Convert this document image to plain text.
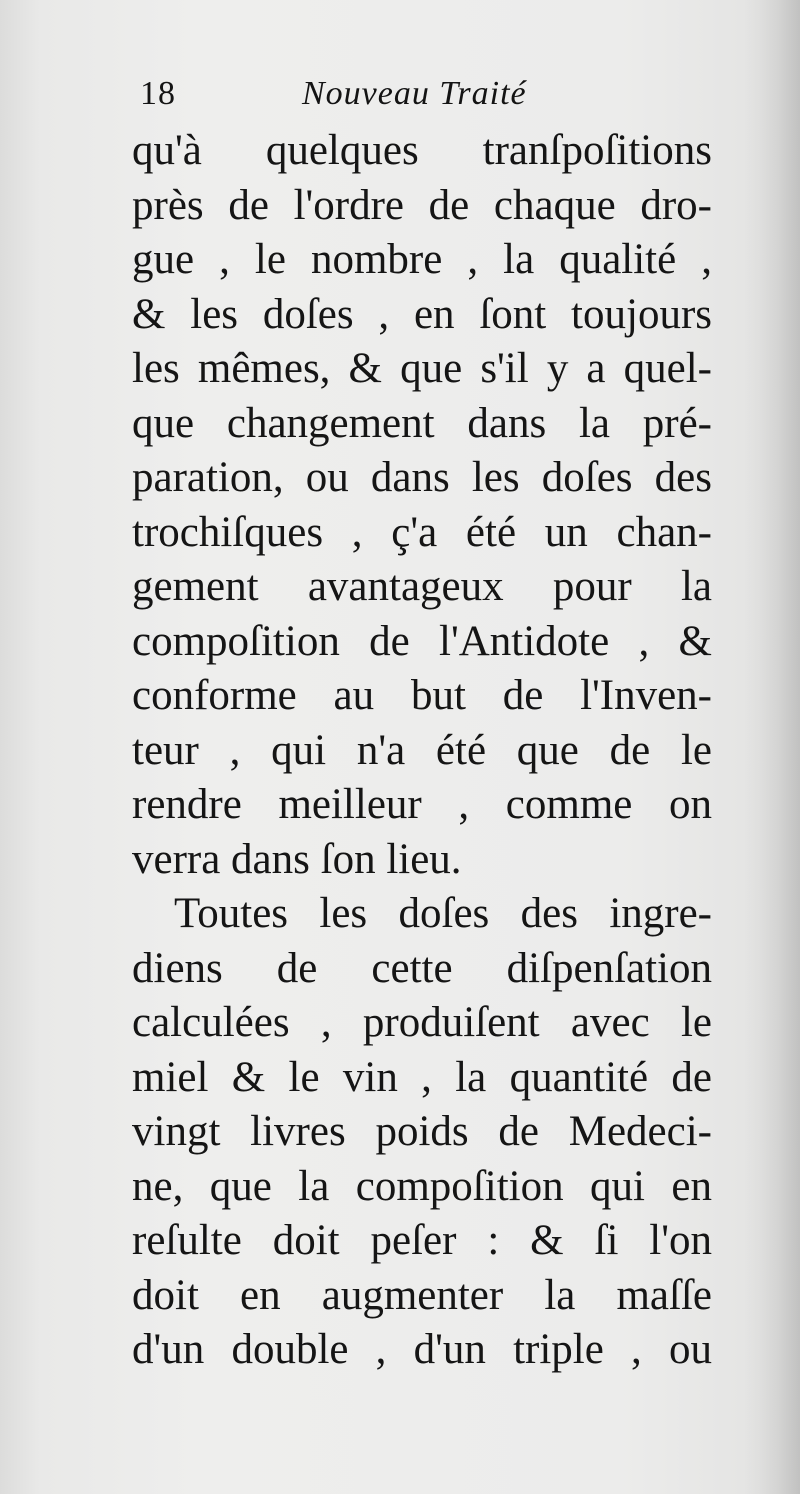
18	Nouveau Traité
qu'à quelques tranſpoſitions
près de l'ordre de chaque dro-
gue , le nombre , la qualité ,
& les doſes , en ſont toujours
les mêmes, & que s'il y a quel-
que changement dans la pré-
paration, ou dans les doſes des
trochiſques , ç'a été un chan-
gement avantageux pour la
compoſition de l'Antidote , &
conforme au but de l'Inven-
teur , qui n'a été que de le
rendre meilleur , comme on
verra dans ſon lieu.
Toutes les doſes des ingre-
diens de cette diſpenſation
calculées , produiſent avec le
miel & le vin , la quantité de
vingt livres poids de Medeci-
ne, que la compoſition qui en
reſulte doit peſer : & ſi l'on
doit en augmenter la maſſe
d'un double , d'un triple , ou
